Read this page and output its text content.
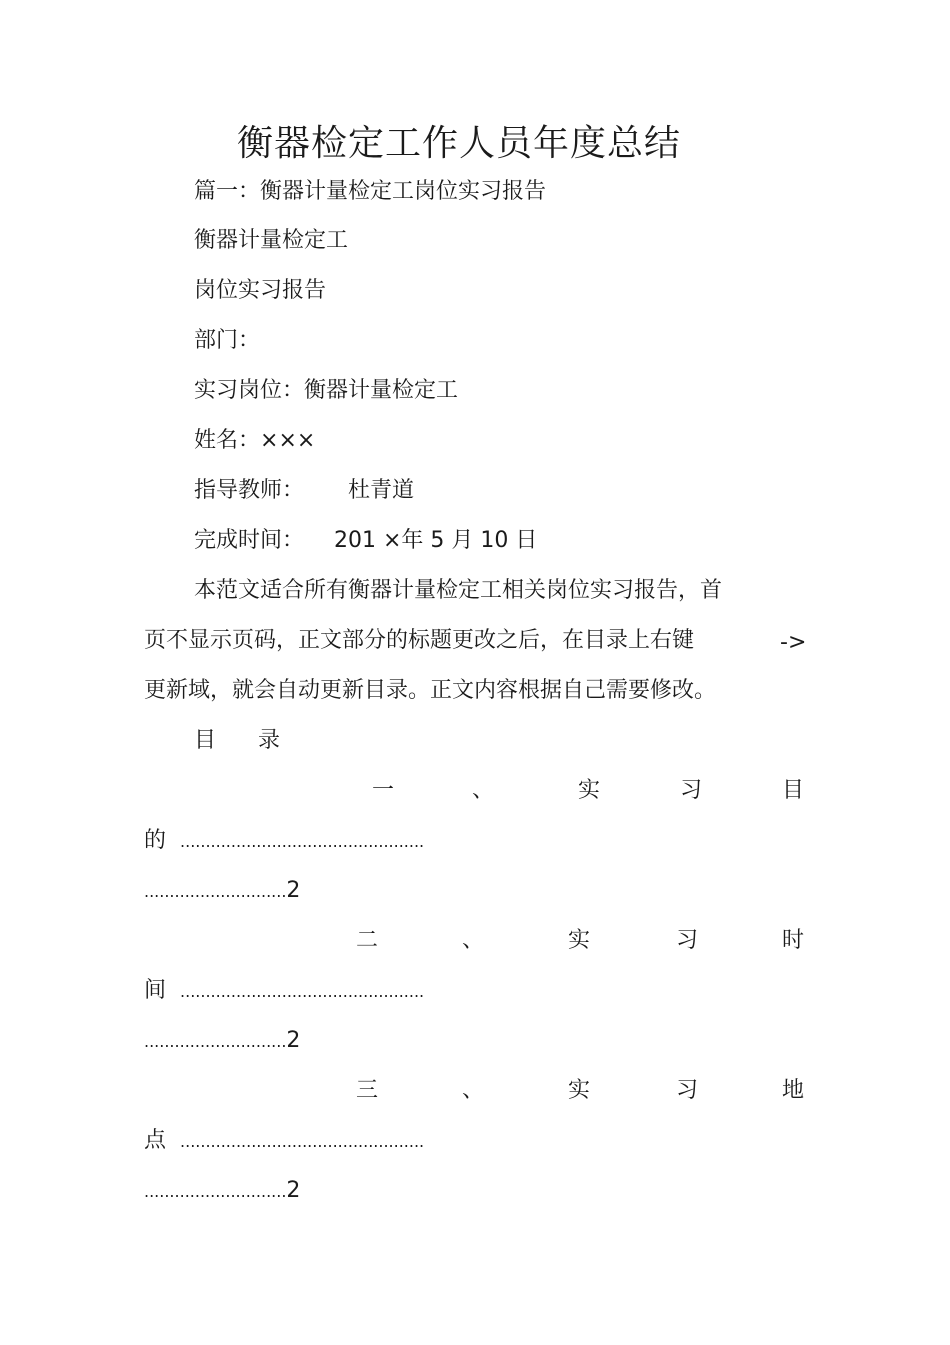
衡器检定工作人员年度总结
篇一：衡器计量检定工岗位实习报告
衡器计量检定工
岗位实习报告
部门：
实习岗位：衡器计量检定工
姓名：×××
指导教师： 杜青道
完成时间： 201 ×年 5 月 10 日
本范文适合所有衡器计量检定工相关岗位实习报告，首
页不显示页码，正文部分的标题更改之后，在目录上右键	->
更新域，就会自动更新目录。正文内容根据自己需要修改。
目　录
一	、	实	习	目
的 ................................................
............................2
二	、	实	习	时
间 ................................................
............................2
三	、	实	习	地
点 ................................................
............................2
